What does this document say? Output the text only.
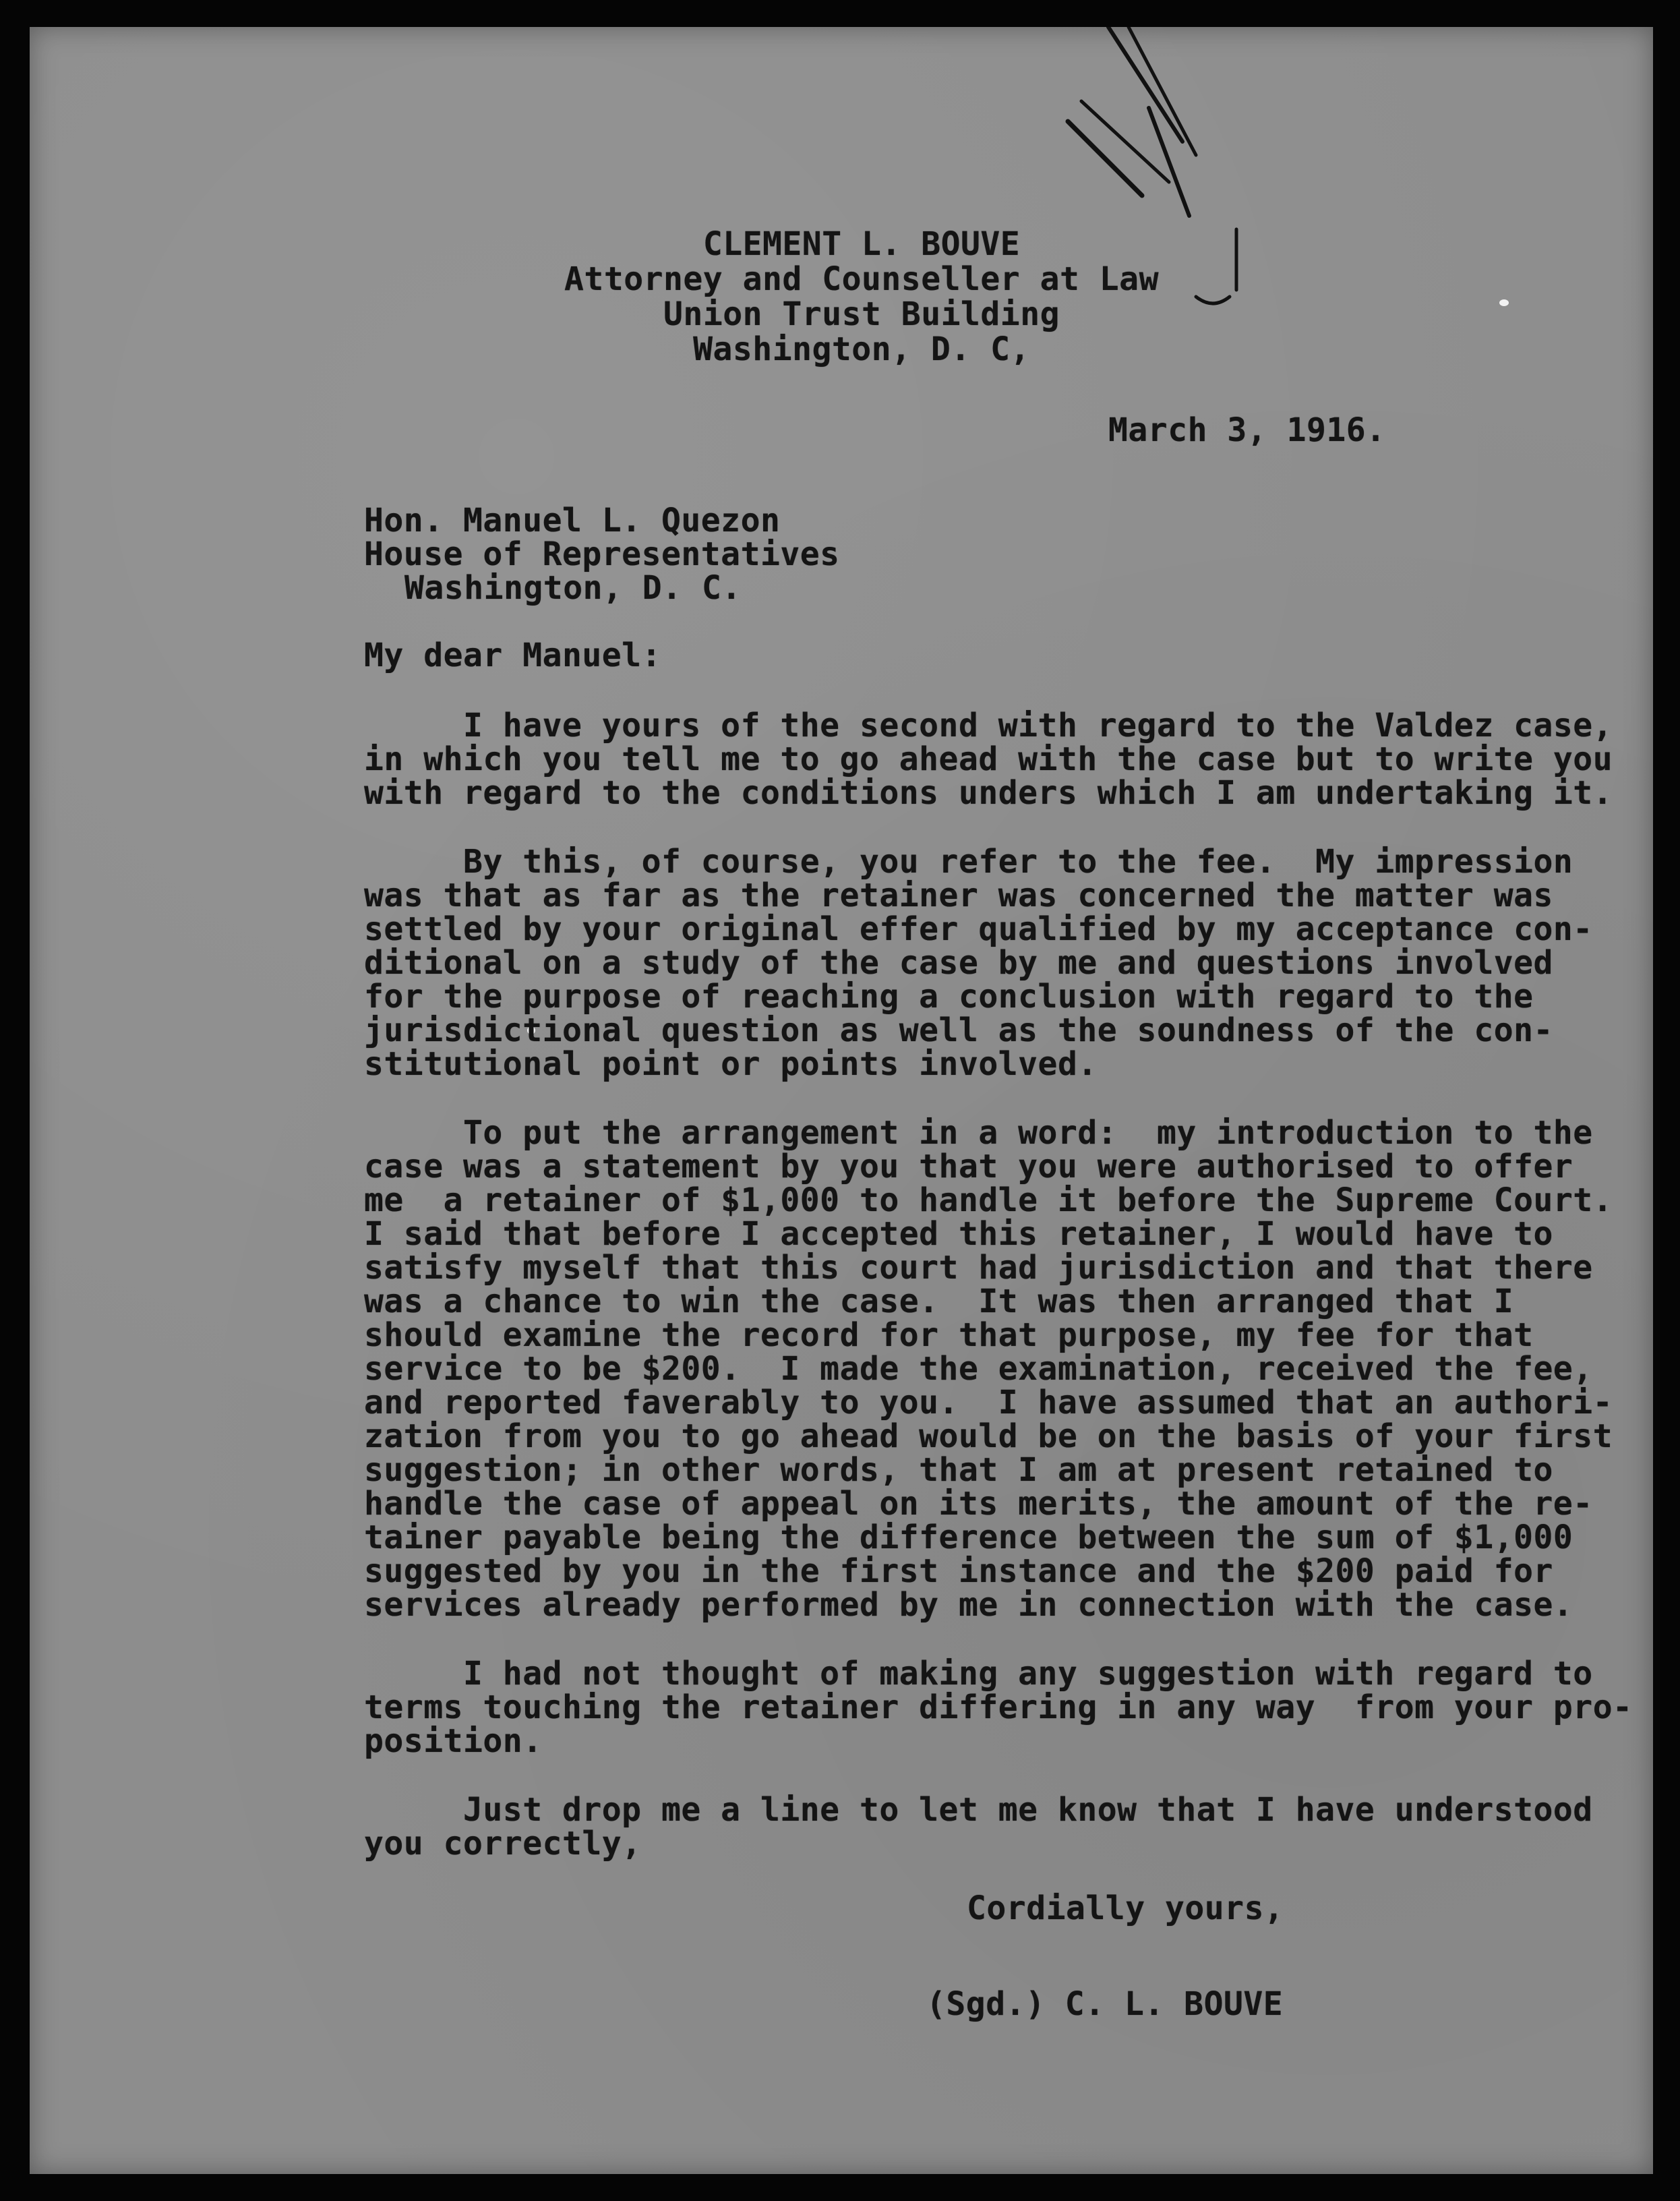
CLEMENT L. BOUVE
Attorney and Counseller at Law
Union Trust Building
Washington, D. C,
March 3, 1916.
Hon. Manuel L. Quezon
House of Representatives
Washington, D. C.
My dear Manuel:
I have yours of the second with regard to the Valdez case,
in which you tell me to go ahead with the case but to write you
with regard to the conditions unders which I am undertaking it.
By this, of course, you refer to the fee.  My impression
was that as far as the retainer was concerned the matter was
settled by your original effer qualified by my acceptance con-
ditional on a study of the case by me and questions involved
for the purpose of reaching a conclusion with regard to the
jurisdictional question as well as the soundness of the con-
stitutional point or points involved.
To put the arrangement in a word:  my introduction to the
case was a statement by you that you were authorised to offer
me  a retainer of $1,000 to handle it before the Supreme Court.
I said that before I accepted this retainer, I would have to
satisfy myself that this court had jurisdiction and that there
was a chance to win the case.  It was then arranged that I
should examine the record for that purpose, my fee for that
service to be $200.  I made the examination, received the fee,
and reported faverably to you.  I have assumed that an authori-
zation from you to go ahead would be on the basis of your first
suggestion; in other words, that I am at present retained to
handle the case of appeal on its merits, the amount of the re-
tainer payable being the difference between the sum of $1,000
suggested by you in the first instance and the $200 paid for
services already performed by me in connection with the case.
I had not thought of making any suggestion with regard to
terms touching the retainer differing in any way  from your pro-
position.
Just drop me a line to let me know that I have understood
you correctly,
Cordially yours,
(Sgd.) C. L. BOUVE
